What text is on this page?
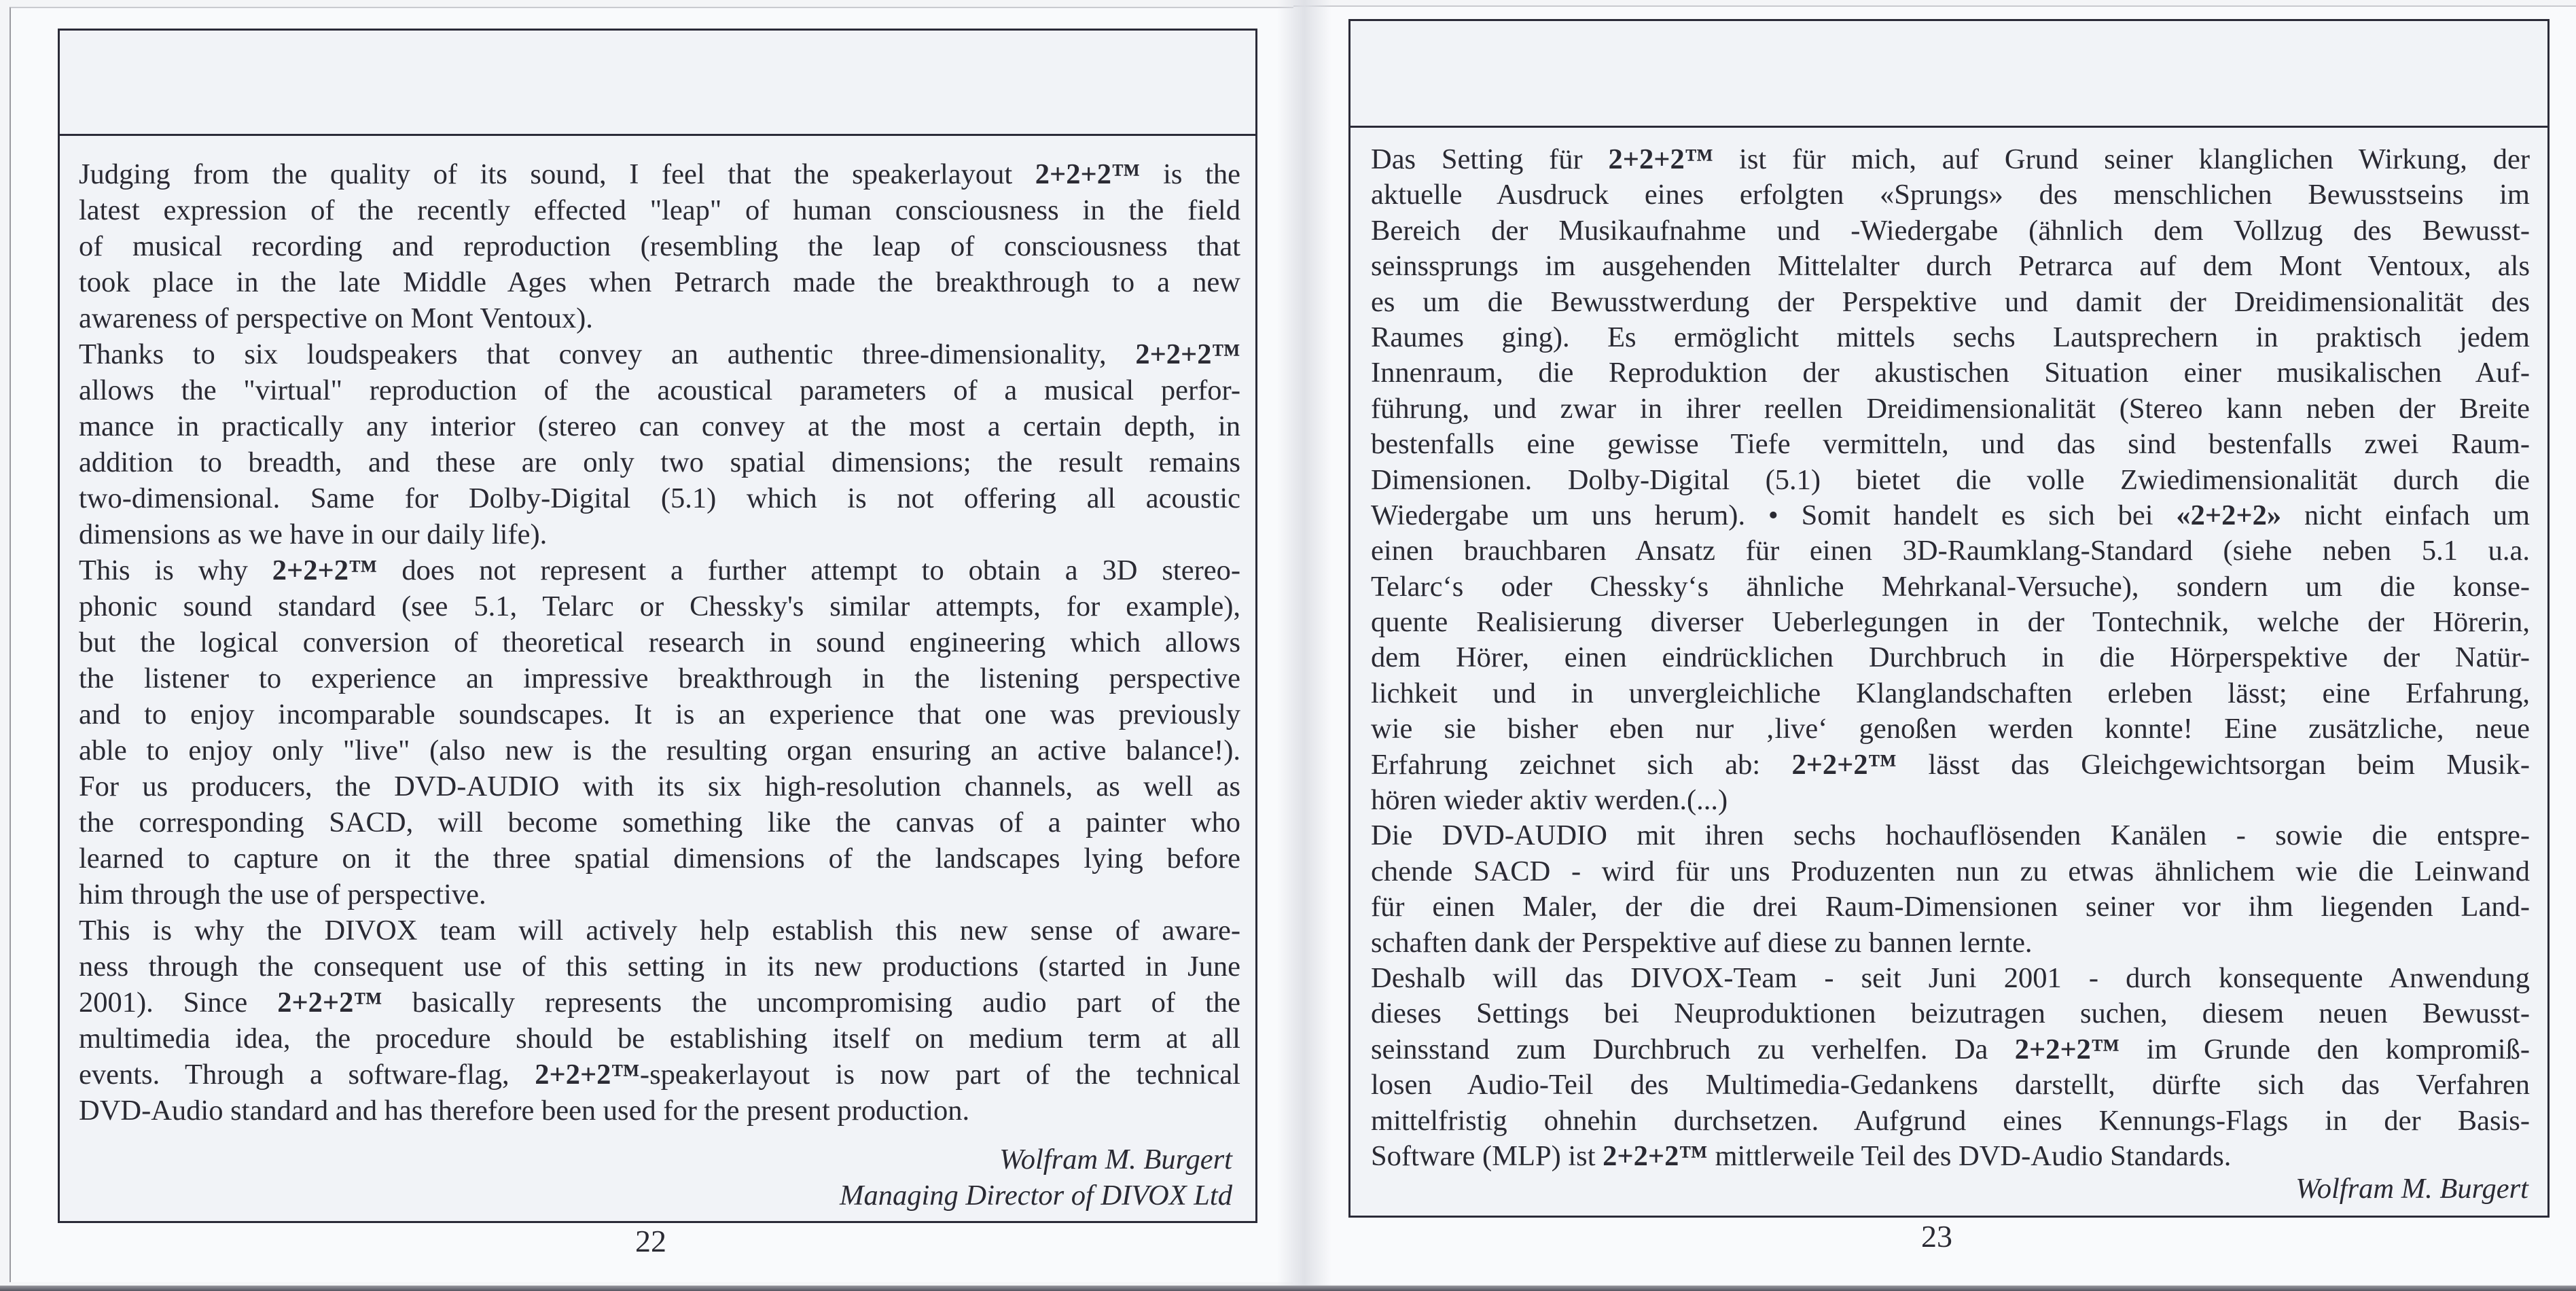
Judging from the quality of its sound, I feel that the speakerlayout 2+2+2™ is the
latest expression of the recently effected "leap" of human consciousness in the field
of musical recording and reproduction (resembling the leap of consciousness that
took place in the late Middle Ages when Petrarch made the breakthrough to a new
awareness of perspective on Mont Ventoux).
Thanks to six loudspeakers that convey an authentic three-dimensionality, 2+2+2™
allows the "virtual" reproduction of the acoustical parameters of a musical perfor-
mance in practically any interior (stereo can convey at the most a certain depth, in
addition to breadth, and these are only two spatial dimensions; the result remains
two-dimensional. Same for Dolby-Digital (5.1) which is not offering all acoustic
dimensions as we have in our daily life).
This is why 2+2+2™ does not represent a further attempt to obtain a 3D stereo-
phonic sound standard (see 5.1, Telarc or Chessky's similar attempts, for example),
but the logical conversion of theoretical research in sound engineering which allows
the listener to experience an impressive breakthrough in the listening perspective
and to enjoy incomparable soundscapes. It is an experience that one was previously
able to enjoy only "live" (also new is the resulting organ ensuring an active balance!).
For us producers, the DVD-AUDIO with its six high-resolution channels, as well as
the corresponding SACD, will become something like the canvas of a painter who
learned to capture on it the three spatial dimensions of the landscapes lying before
him through the use of perspective.
This is why the DIVOX team will actively help establish this new sense of aware-
ness through the consequent use of this setting in its new productions (started in June
2001). Since 2+2+2™ basically represents the uncompromising audio part of the
multimedia idea, the procedure should be establishing itself on medium term at all
events. Through a software-flag, 2+2+2™-speakerlayout is now part of the technical
DVD-Audio standard and has therefore been used for the present production.
Wolfram M. Burgert
Managing Director of DIVOX Ltd
22
Das Setting für 2+2+2™ ist für mich, auf Grund seiner klanglichen Wirkung, der
aktuelle Ausdruck eines erfolgten «Sprungs» des menschlichen Bewusstseins im
Bereich der Musikaufnahme und -Wiedergabe (ähnlich dem Vollzug des Bewusst-
seinssprungs im ausgehenden Mittelalter durch Petrarca auf dem Mont Ventoux, als
es um die Bewusstwerdung der Perspektive und damit der Dreidimensionalität des
Raumes ging). Es ermöglicht mittels sechs Lautsprechern in praktisch jedem
Innenraum, die Reproduktion der akustischen Situation einer musikalischen Auf-
führung, und zwar in ihrer reellen Dreidimensionalität (Stereo kann neben der Breite
bestenfalls eine gewisse Tiefe vermitteln, und das sind bestenfalls zwei Raum-
Dimensionen. Dolby-Digital (5.1) bietet die volle Zwiedimensionalität durch die
Wiedergabe um uns herum). • Somit handelt es sich bei «2+2+2» nicht einfach um
einen brauchbaren Ansatz für einen 3D-Raumklang-Standard (siehe neben 5.1 u.a.
Telarc‘s oder Chessky‘s ähnliche Mehrkanal-Versuche), sondern um die konse-
quente Realisierung diverser Ueberlegungen in der Tontechnik, welche der Hörerin,
dem Hörer, einen eindrücklichen Durchbruch in die Hörperspektive der Natür-
lichkeit und in unvergleichliche Klanglandschaften erleben lässt; eine Erfahrung,
wie sie bisher eben nur ‚live‘ genoßen werden konnte! Eine zusätzliche, neue
Erfahrung zeichnet sich ab: 2+2+2™ lässt das Gleichgewichtsorgan beim Musik-
hören wieder aktiv werden.(...)
Die DVD-AUDIO mit ihren sechs hochauflösenden Kanälen - sowie die entspre-
chende SACD - wird für uns Produzenten nun zu etwas ähnlichem wie die Leinwand
für einen Maler, der die drei Raum-Dimensionen seiner vor ihm liegenden Land-
schaften dank der Perspektive auf diese zu bannen lernte.
Deshalb will das DIVOX-Team - seit Juni 2001 - durch konsequente Anwendung
dieses Settings bei Neuproduktionen beizutragen suchen, diesem neuen Bewusst-
seinsstand zum Durchbruch zu verhelfen. Da 2+2+2™ im Grunde den kompromiß-
losen Audio-Teil des Multimedia-Gedankens darstellt, dürfte sich das Verfahren
mittelfristig ohnehin durchsetzen. Aufgrund eines Kennungs-Flags in der Basis-
Software (MLP) ist 2+2+2™ mittlerweile Teil des DVD-Audio Standards.
Wolfram M. Burgert
23
